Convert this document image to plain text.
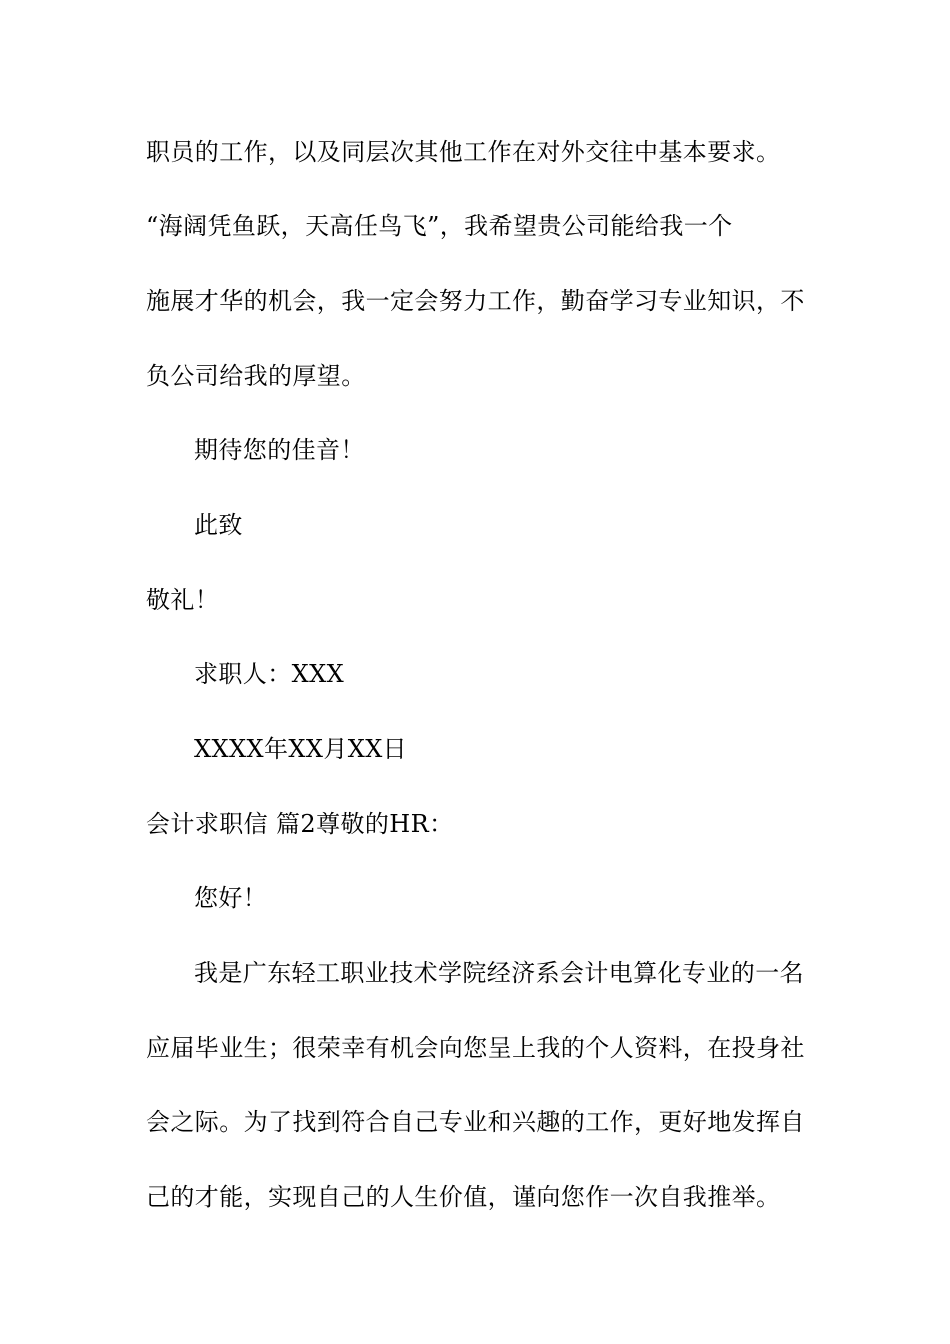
职员的工作，以及同层次其他工作在对外交往中基本要求。
“海阔凭鱼跃，天高任鸟飞”，我希望贵公司能给我一个
施展才华的机会，我一定会努力工作，勤奋学习专业知识，不
负公司给我的厚望。
期待您的佳音！
此致
敬礼！
求职人：XXX
XXXX年XX月XX日
会计求职信 篇2尊敬的HR：
您好！
我是广东轻工职业技术学院经济系会计电算化专业的一名
应届毕业生；很荣幸有机会向您呈上我的个人资料，在投身社
会之际。为了找到符合自己专业和兴趣的工作，更好地发挥自
己的才能，实现自己的人生价值，谨向您作一次自我推举。
